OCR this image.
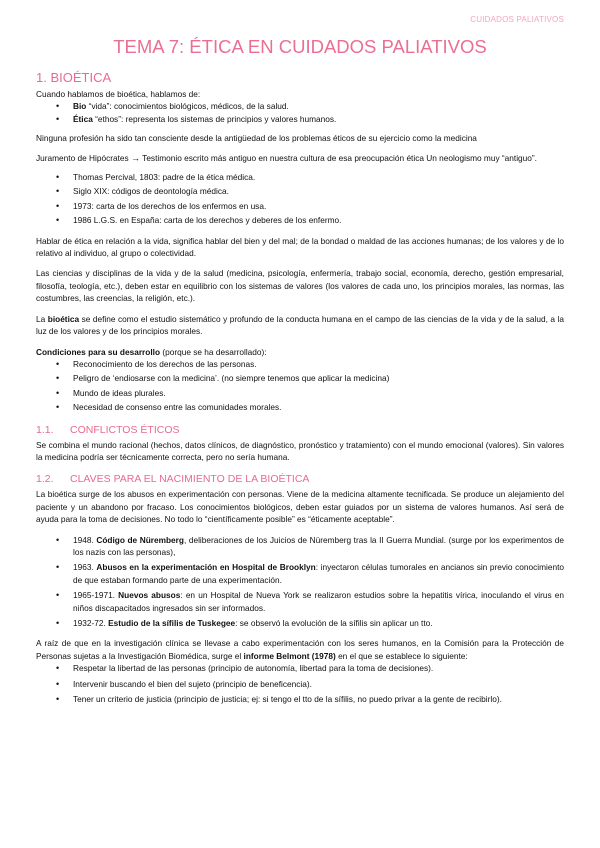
CUIDADOS PALIATIVOS
TEMA 7: ÉTICA EN CUIDADOS PALIATIVOS
1. BIOÉTICA

Cuando hablamos de bioética, hablamos de:

• Bio “vida”: conocimientos biológicos, médicos, de la salud.
• Ética “ethos”: representa los sistemas de principios y valores humanos.

Ninguna profesión ha sido tan consciente desde la antigüedad de los problemas éticos de su ejercicio como la medicina

Juramento de Hipócrates → Testimonio escrito más antiguo en nuestra cultura de esa preocupación ética Un neologismo muy “antiguo”.

• Thomas Percival, 1803: padre de la ética médica.
• Siglo XIX: códigos de deontología médica.
• 1973: carta de los derechos de los enfermos en usa.
• 1986 L.G.S. en España: carta de los derechos y deberes de los enfermo.

Hablar de ética en relación a la vida, significa hablar del bien y del mal; de la bondad o maldad de las acciones humanas; de los valores y de lo relativo al individuo, al grupo o colectividad.

Las ciencias y disciplinas de la vida y de la salud (medicina, psicología, enfermería, trabajo social, economía, derecho, gestión empresarial, filosofía, teología, etc.), deben estar en equilibrio con los sistemas de valores (los valores de cada uno, los principios morales, las normas, las costumbres, las creencias, la religión, etc.).

La bioética se define como el estudio sistemático y profundo de la conducta humana en el campo de las ciencias de la vida y de la salud, a la luz de los valores y de los principios morales.

Condiciones para su desarrollo (porque se ha desarrollado):

• Reconocimiento de los derechos de las personas.
• Peligro de ‘endiosarse con la medicina’. (no siempre tenemos que aplicar la medicina)
• Mundo de ideas plurales.
• Necesidad de consenso entre las comunidades morales.
1.1. CONFLICTOS ÉTICOS

Se combina el mundo racional (hechos, datos clínicos, de diagnóstico, pronóstico y tratamiento) con el mundo emocional (valores). Sin valores la medicina podría ser técnicamente correcta, pero no sería humana.

1.2. CLAVES PARA EL NACIMIENTO DE LA BIOÉTICA

La bioética surge de los abusos en experimentación con personas. Viene de la medicina altamente tecnificada. Se produce un alejamiento del paciente y un abandono por fracaso. Los conocimientos biológicos, deben estar guiados por un sistema de valores humanos. Así será de ayuda para la toma de decisiones. No todo lo “científicamente posible” es “éticamente aceptable”.

• 1948. Código de Nüremberg, deliberaciones de los Juicios de Nüremberg tras la II Guerra Mundial. (surge por los experimentos de los nazis con las personas),
• 1963. Abusos en la experimentación en Hospital de Brooklyn: inyectaron células tumorales en ancianos sin previo conocimiento de que estaban formando parte de una experimentación.
• 1965-1971. Nuevos abusos: en un Hospital de Nueva York se realizaron estudios sobre la hepatitis vírica, inoculando el virus en niños discapacitados ingresados sin ser informados.
• 1932-72. Estudio de la sífilis de Tuskegee: se observó la evolución de la sífilis sin aplicar un tto.

A raíz de que en la investigación clínica se llevase a cabo experimentación con los seres humanos, en la Comisión para la Protección de Personas sujetas a la Investigación Biomédica, surge el informe Belmont (1978) en el que se establece lo siguiente:

• Respetar la libertad de las personas (principio de autonomía, libertad para la toma de decisiones).
• Intervenir buscando el bien del sujeto (principio de beneficencia).
• Tener un criterio de justicia (principio de justicia; ej: si tengo el tto de la sífilis, no puedo privar a la gente de recibirlo).
